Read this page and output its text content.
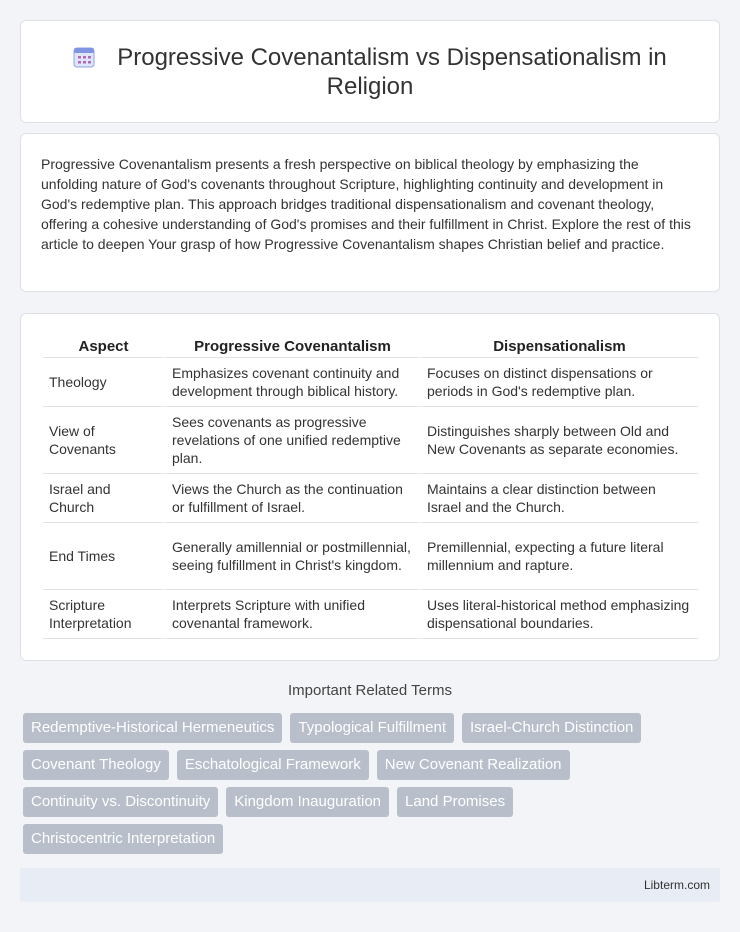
Progressive Covenantalism vs Dispensationalism in Religion

Progressive Covenantalism presents a fresh perspective on biblical theology by emphasizing the unfolding nature of God's covenants throughout Scripture, highlighting continuity and development in God's redemptive plan. This approach bridges traditional dispensationalism and covenant theology, offering a cohesive understanding of God's promises and their fulfillment in Christ. Explore the rest of this article to deepen Your grasp of how Progressive Covenantalism shapes Christian belief and practice.

Aspect	Progressive Covenantalism	Dispensationalism
Theology	Emphasizes covenant continuity and development through biblical history.	Focuses on distinct dispensations or periods in God's redemptive plan.
View of Covenants	Sees covenants as progressive revelations of one unified redemptive plan.	Distinguishes sharply between Old and New Covenants as separate economies.
Israel and Church	Views the Church as the continuation or fulfillment of Israel.	Maintains a clear distinction between Israel and the Church.
End Times	Generally amillennial or postmillennial, seeing fulfillment in Christ's kingdom.	Premillennial, expecting a future literal millennium and rapture.
Scripture Interpretation	Interprets Scripture with unified covenantal framework.	Uses literal-historical method emphasizing dispensational boundaries.
Important Related Terms
Redemptive-Historical Hermeneutics	Typological Fulfillment	Israel-Church Distinction
Covenant Theology	Eschatological Framework	New Covenant Realization
Continuity vs. Discontinuity	Kingdom Inauguration	Land Promises
Christocentric Interpretation
Libterm.com
